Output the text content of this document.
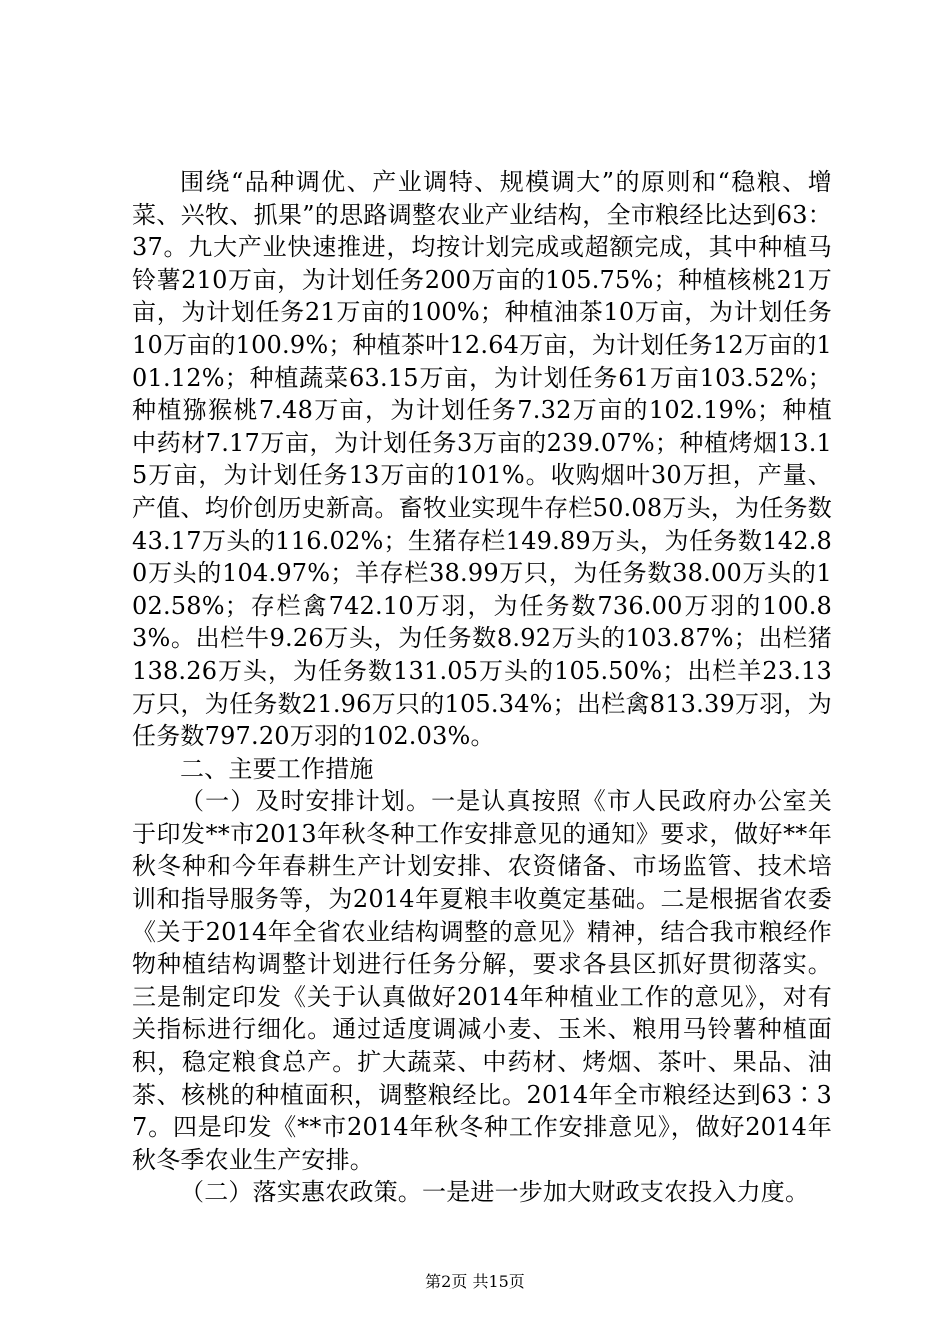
围绕“品种调优、产业调特、规模调大”的原则和“稳粮、增菜、兴牧、抓果”的思路调整农业产业结构，全市粮经比达到63：37。九大产业快速推进，均按计划完成或超额完成，其中种植马铃薯210万亩，为计划任务200万亩的105.75%；种植核桃21万亩，为计划任务21万亩的100%；种植油茶10万亩，为计划任务10万亩的100.9%；种植茶叶12.64万亩，为计划任务12万亩的101.12%；种植蔬菜63.15万亩，为计划任务61万亩103.52%；种植猕猴桃7.48万亩，为计划任务7.32万亩的102.19%；种植中药材7.17万亩，为计划任务3万亩的239.07%；种植烤烟13.15万亩，为计划任务13万亩的101%。收购烟叶30万担，产量、产值、均价创历史新高。畜牧业实现牛存栏50.08万头，为任务数43.17万头的116.02%；生猪存栏149.89万头，为任务数142.80万头的104.97%；羊存栏38.99万只，为任务数38.00万头的102.58%；存栏禽742.10万羽，为任务数736.00万羽的100.83%。出栏牛9.26万头，为任务数8.92万头的103.87%；出栏猪138.26万头，为任务数131.05万头的105.50%；出栏羊23.13万只，为任务数21.96万只的105.34%；出栏禽813.39万羽，为任务数797.20万羽的102.03%。

二、主要工作措施

（一）及时安排计划。一是认真按照《市人民政府办公室关于印发**市2013年秋冬种工作安排意见的通知》要求，做好**年秋冬种和今年春耕生产计划安排、农资储备、市场监管、技术培训和指导服务等，为2014年夏粮丰收奠定基础。二是根据省农委《关于2014年全省农业结构调整的意见》精神，结合我市粮经作物种植结构调整计划进行任务分解，要求各县区抓好贯彻落实。三是制定印发《关于认真做好2014年种植业工作的意见》，对有关指标进行细化。通过适度调减小麦、玉米、粮用马铃薯种植面积，稳定粮食总产。扩大蔬菜、中药材、烤烟、茶叶、果品、油茶、核桃的种植面积，调整粮经比。2014年全市粮经达到63∶37。四是印发《**市2014年秋冬种工作安排意见》，做好2014年秋冬季农业生产安排。

（二）落实惠农政策。一是进一步加大财政支农投入力度。

第2页 共15页
